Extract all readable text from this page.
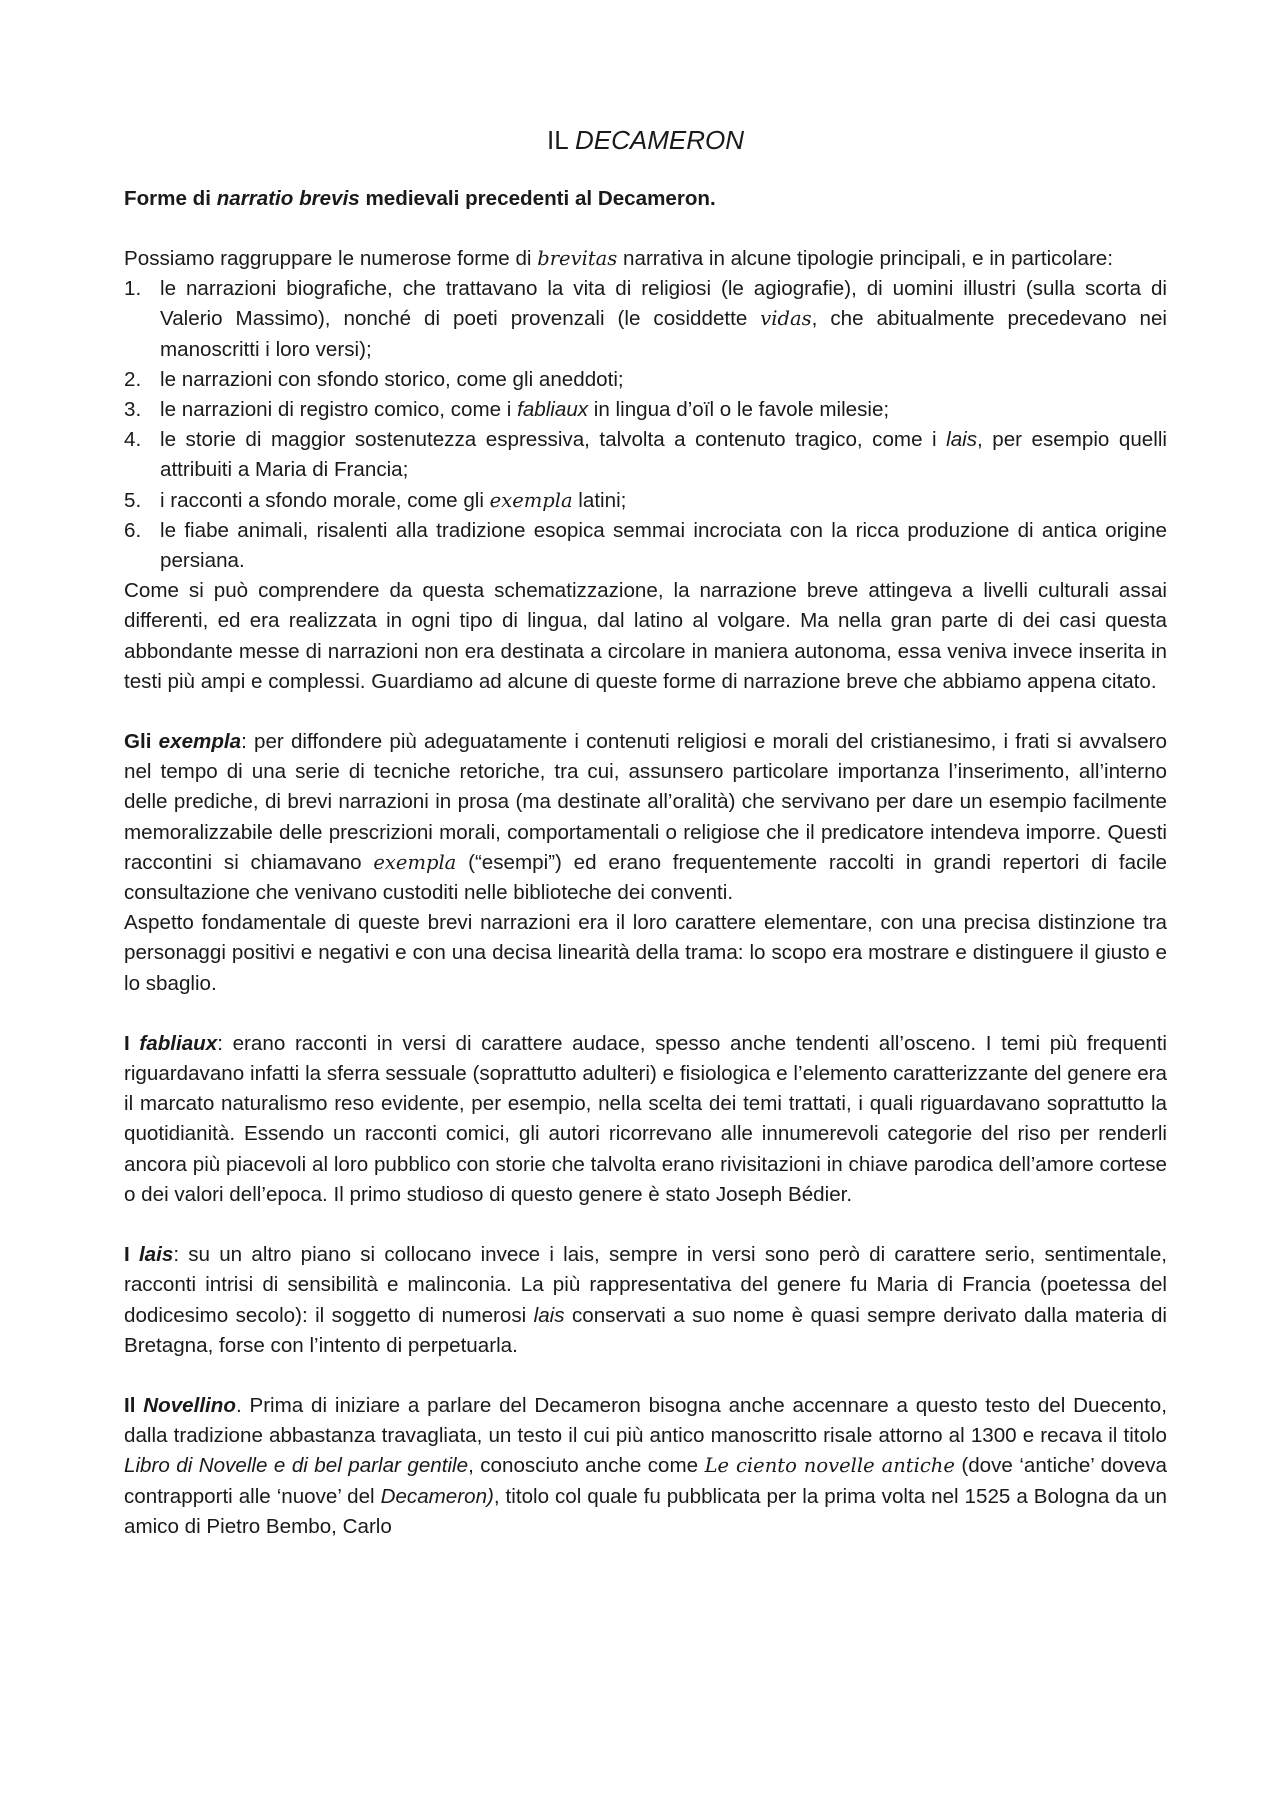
IL DECAMERON
Forme di narratio brevis medievali precedenti al Decameron.

Possiamo raggruppare le numerose forme di brevitas narrativa in alcune tipologie principali, e in particolare:

1. le narrazioni biografiche, che trattavano la vita di religiosi (le agiografie), di uomini illustri (sulla scorta di Valerio Massimo), nonché di poeti provenzali (le cosiddette vidas, che abitualmente precedevano nei manoscritti i loro versi);
2. le narrazioni con sfondo storico, come gli aneddoti;
3. le narrazioni di registro comico, come i fabliaux in lingua d’oïl o le favole milesie;
4. le storie di maggior sostenutezza espressiva, talvolta a contenuto tragico, come i lais, per esempio quelli attribuiti a Maria di Francia;
5. i racconti a sfondo morale, come gli exempla latini;
6. le fiabe animali, risalenti alla tradizione esopica semmai incrociata con la ricca produzione di antica origine persiana.

Come si può comprendere da questa schematizzazione, la narrazione breve attingeva a livelli culturali assai differenti, ed era realizzata in ogni tipo di lingua, dal latino al volgare. Ma nella gran parte di dei casi questa abbondante messe di narrazioni non era destinata a circolare in maniera autonoma, essa veniva invece inserita in testi più ampi e complessi. Guardiamo ad alcune di queste forme di narrazione breve che abbiamo appena citato.

Gli exempla: per diffondere più adeguatamente i contenuti religiosi e morali del cristianesimo, i frati si avvalsero nel tempo di una serie di tecniche retoriche, tra cui, assunsero particolare importanza l’inserimento, all’interno delle prediche, di brevi narrazioni in prosa (ma destinate all’oralità) che servivano per dare un esempio facilmente memoralizzabile delle prescrizioni morali, comportamentali o religiose che il predicatore intendeva imporre. Questi raccontini si chiamavano exempla (“esempi”) ed erano frequentemente raccolti in grandi repertori di facile consultazione che venivano custoditi nelle biblioteche dei conventi.

Aspetto fondamentale di queste brevi narrazioni era il loro carattere elementare, con una precisa distinzione tra personaggi positivi e negativi e con una decisa linearità della trama: lo scopo era mostrare e distinguere il giusto e lo sbaglio.

I fabliaux: erano racconti in versi di carattere audace, spesso anche tendenti all’osceno. I temi più frequenti riguardavano infatti la sferra sessuale (soprattutto adulteri) e fisiologica e l’elemento caratterizzante del genere era il marcato naturalismo reso evidente, per esempio, nella scelta dei temi trattati, i quali riguardavano soprattutto la quotidianità. Essendo un racconti comici, gli autori ricorrevano alle innumerevoli categorie del riso per renderli ancora più piacevoli al loro pubblico con storie che talvolta erano rivisitazioni in chiave parodica dell’amore cortese o dei valori dell’epoca. Il primo studioso di questo genere è stato Joseph Bédier.

I lais: su un altro piano si collocano invece i lais, sempre in versi sono però di carattere serio, sentimentale, racconti intrisi di sensibilità e malinconia. La più rappresentativa del genere fu Maria di Francia (poetessa del dodicesimo secolo): il soggetto di numerosi lais conservati a suo nome è quasi sempre derivato dalla materia di Bretagna, forse con l’intento di perpetuarla.

Il Novellino. Prima di iniziare a parlare del Decameron bisogna anche accennare a questo testo del Duecento, dalla tradizione abbastanza travagliata, un testo il cui più antico manoscritto risale attorno al 1300 e recava il titolo Libro di Novelle e di bel parlar gentile, conosciuto anche come Le ciento novelle antiche (dove ‘antiche’ doveva contrapporti alle ‘nuove’ del Decameron), titolo col quale fu pubblicata per la prima volta nel 1525 a Bologna da un amico di Pietro Bembo, Carlo
